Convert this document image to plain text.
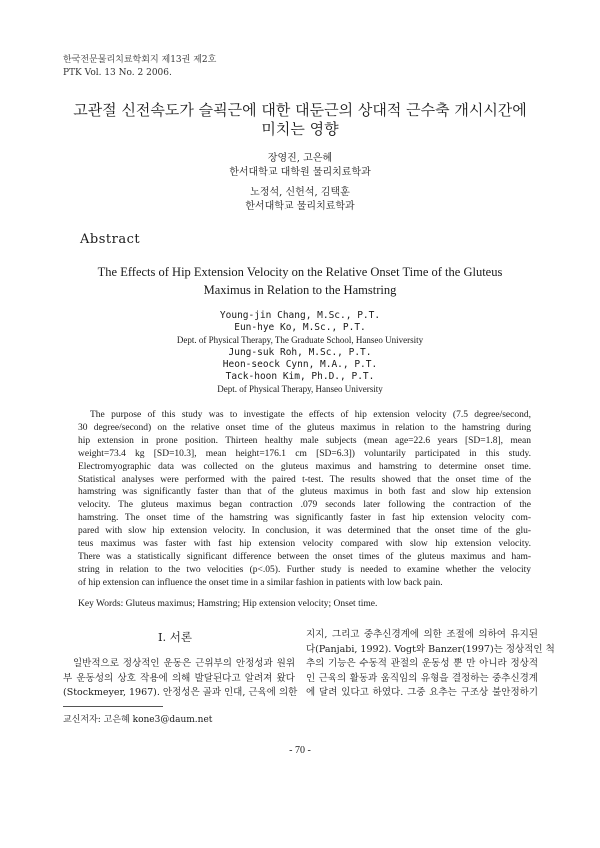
한국전문물리치료학회지 제13권 제2호
PTK Vol. 13 No. 2 2006.
고관절 신전속도가 슬괵근에 대한 대둔근의 상대적 근수축 개시시간에
미치는 영향
장영진, 고은혜
한서대학교 대학원 물리치료학과
노정석, 신헌석, 김택훈
한서대학교 물리치료학과
Abstract
The Effects of Hip Extension Velocity on the Relative Onset Time of the Gluteus
Maximus in Relation to the Hamstring
Young-jin Chang, M.Sc., P.T.
Eun-hye Ko, M.Sc., P.T.
Dept. of Physical Therapy, The Graduate School, Hanseo University
Jung-suk Roh, M.Sc., P.T.
Heon-seock Cynn, M.A., P.T.
Tack-hoon Kim, Ph.D., P.T.
Dept. of Physical Therapy, Hanseo University
The purpose of this study was to investigate the effects of hip extension velocity (7.5 degree/second,
30 degree/second) on the relative onset time of the gluteus maximus in relation to the hamstring during
hip extension in prone position. Thirteen healthy male subjects (mean age=22.6 years [SD=1.8], mean
weight=73.4 kg [SD=10.3], mean height=176.1 cm [SD=6.3]) voluntarily participated in this study.
Electromyographic data was collected on the gluteus maximus and hamstring to determine onset time.
Statistical analyses were performed with the paired t-test. The results showed that the onset time of the
hamstring was significantly faster than that of the gluteus maximus in both fast and slow hip extension
velocity. The gluteus maximus began contraction .079 seconds later following the contraction of the
hamstring. The onset time of the hamstring was significantly faster in fast hip extension velocity com-
pared with slow hip extension velocity. In conclusion, it was determined that the onset time of the glu-
teus maximus was faster with fast hip extension velocity compared with slow hip extension velocity.
There was a statistically significant difference between the onset times of the gluteus maximus and ham-
string in relation to the two velocities (p<.05). Further study is needed to examine whether the velocity
of hip extension can influence the onset time in a similar fashion in patients with low back pain.
Key Words: Gluteus maximus; Hamstring; Hip extension velocity; Onset time.
Ⅰ. 서론
일반적으로 정상적인 운동은 근위부의 안정성과 원위
부 운동성의 상호 작용에 의해 발달된다고 알려져 왔다
(Stockmeyer, 1967). 안정성은 골과 인대, 근육에 의한
지지, 그리고 중추신경계에 의한 조절에 의하여 유지된
다(Panjabi, 1992). Vogt와 Banzer(1997)는 정상적인 척
추의 기능은 수동적 관절의 운동성 뿐 만 아니라 정상적
인 근육의 활동과 움직임의 유형을 결정하는 중추신경계
에 달려 있다고 하였다. 그중 요추는 구조상 불안정하기
교신저자: 고은혜 kone3@daum.net
- 70 -
